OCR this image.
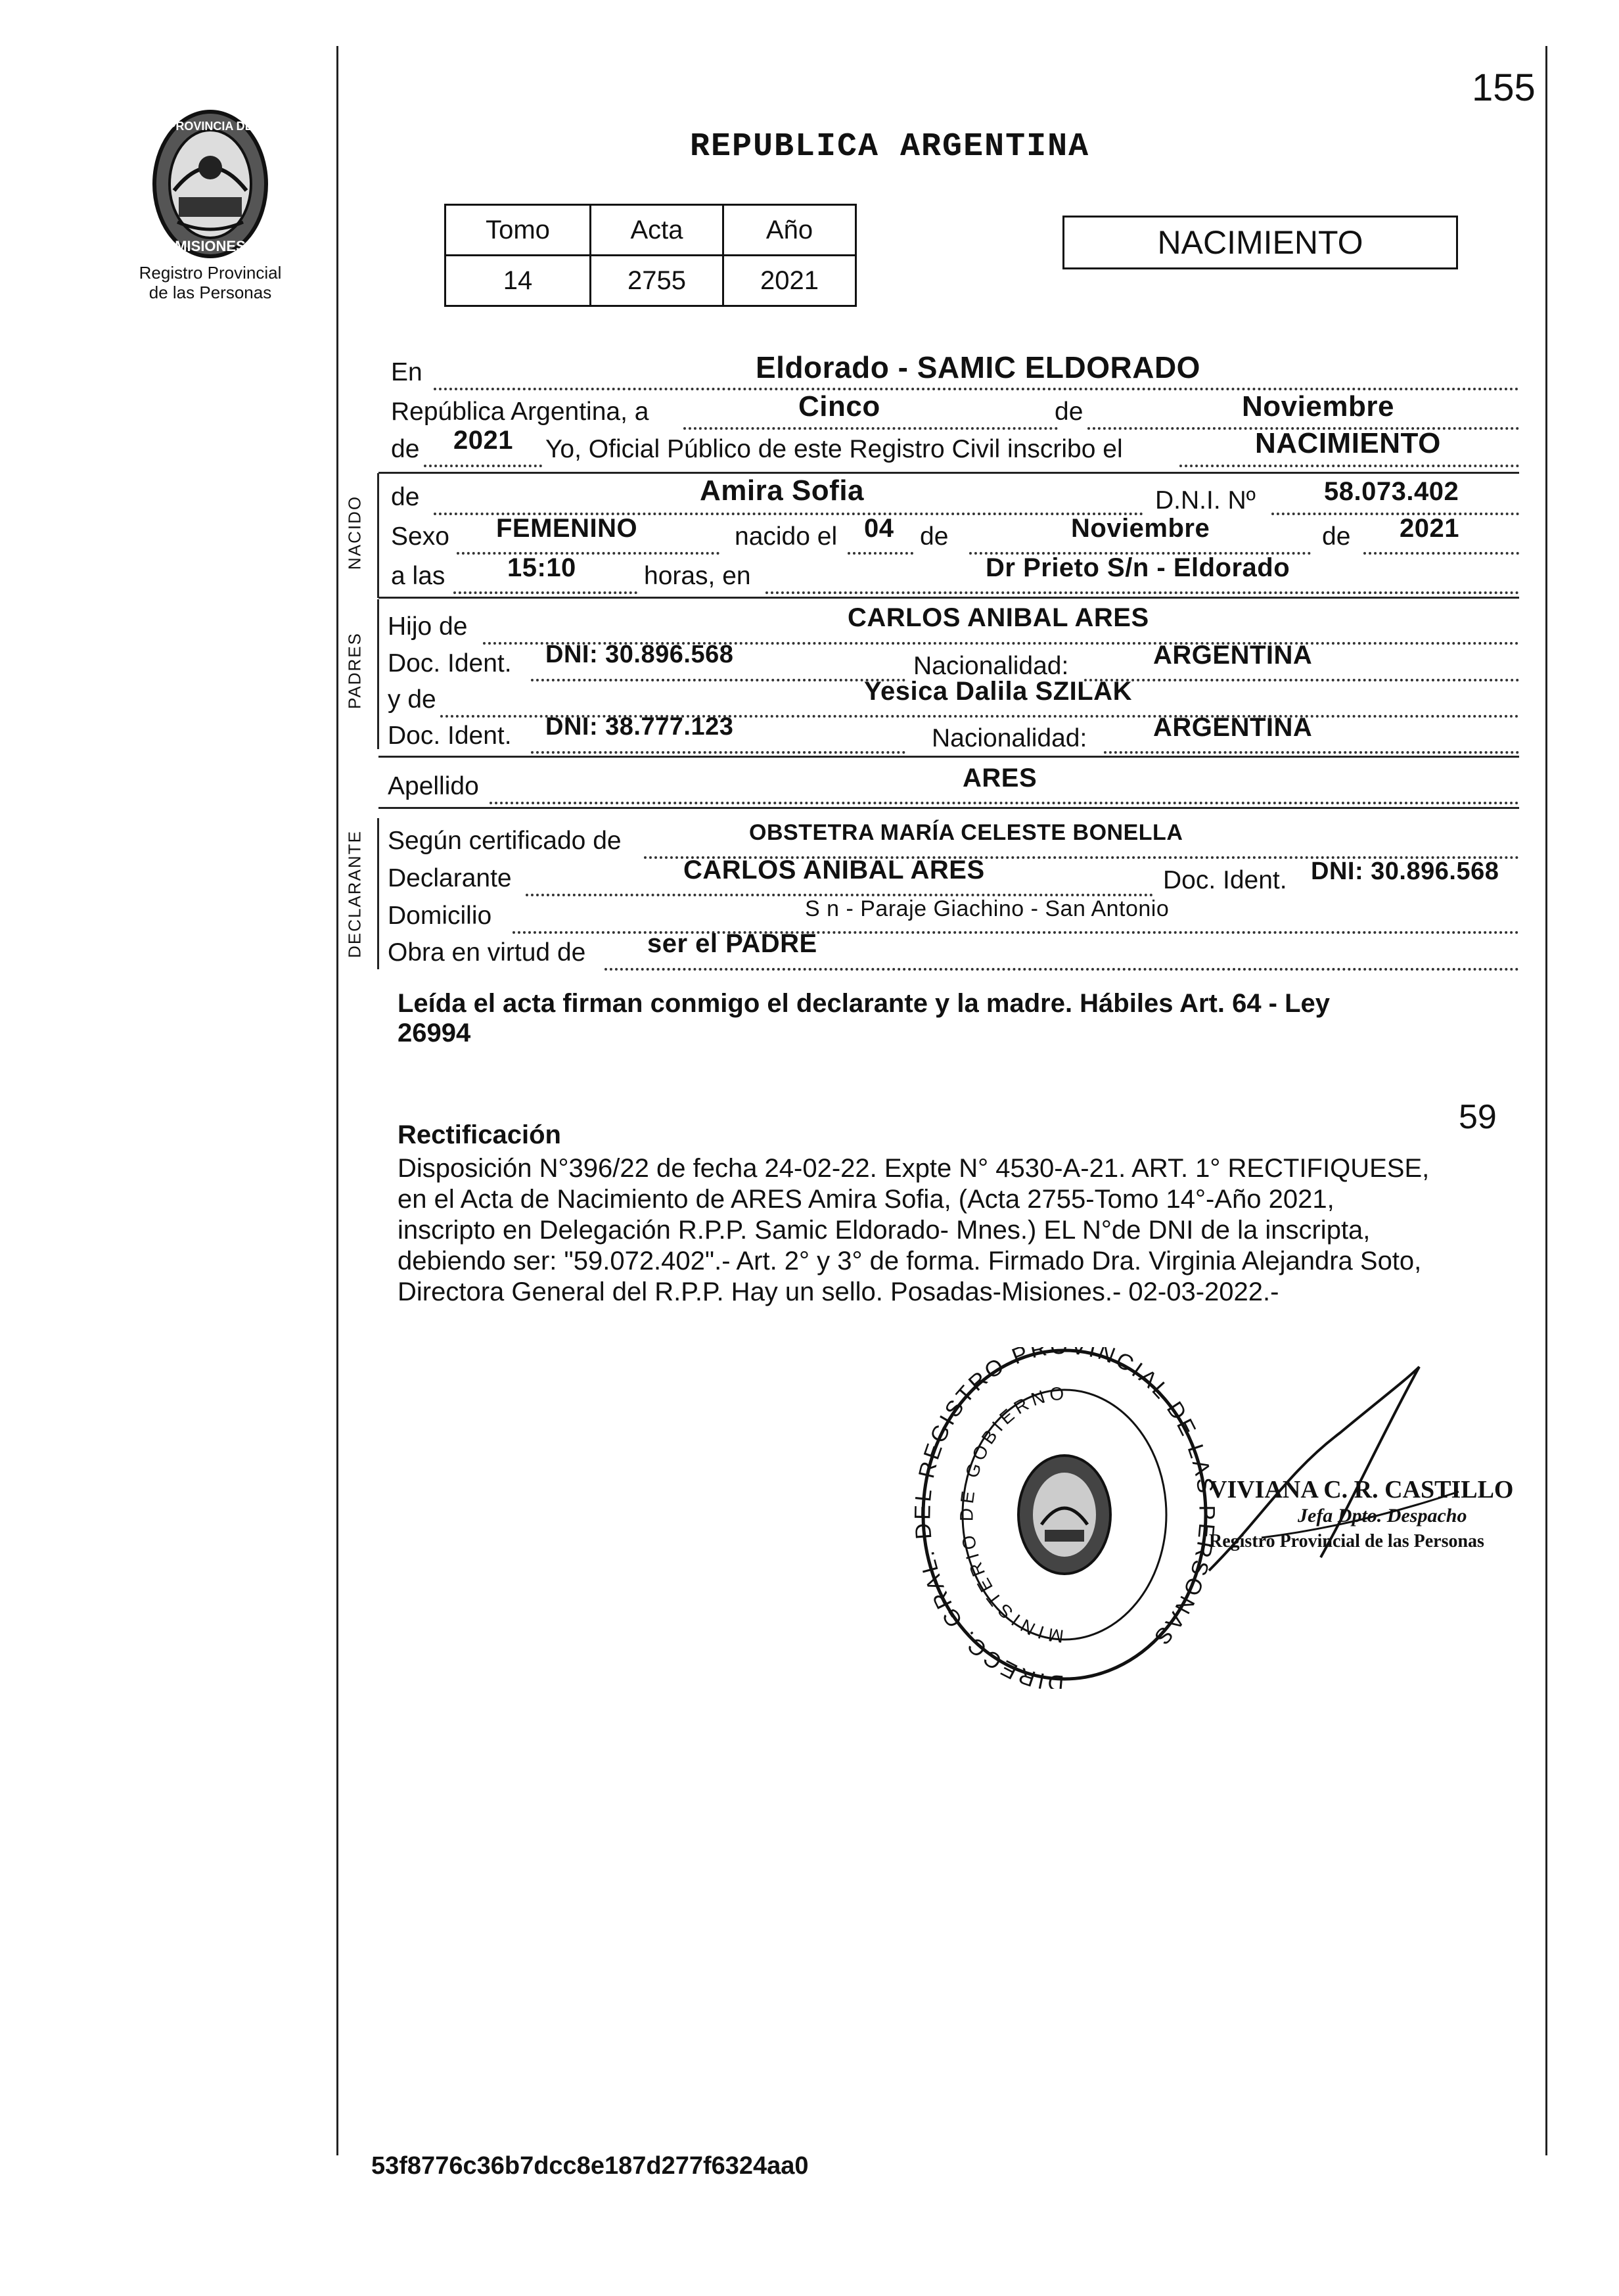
155
PROVINCIA DE
MISIONES
Registro Provincial
de las Personas
REPUBLICA ARGENTINA
Tomo	Acta	Año
14	2755	2021
NACIMIENTO
En	Eldorado - SAMIC ELDORADO
República Argentina, a	Cinco	de	Noviembre
de 2021 Yo, Oficial Público de este Registro Civil inscribo el	NACIMIENTO
NACIDO de	Amira Sofia	D.N.I. Nº	58.073.402
Sexo FEMENINO	nacido el 04 de	Noviembre	de 2021
a las 15:10	horas, en	Dr Prieto S/n - Eldorado
PADRES
Hijo de	CARLOS ANIBAL ARES
Doc. Ident. DNI: 30.896.568	Nacionalidad:	ARGENTINA
y de	Yesica Dalila SZILAK
Doc. Ident. DNI: 38.777.123	Nacionalidad:	ARGENTINA
Apellido	ARES
DECLARANTE Según certificado de	OBSTETRA MARÍA CELESTE BONELLA
Declarante	CARLOS ANIBAL ARES	Doc. Ident. DNI: 30.896.568
Domicilio	S n - Paraje Giachino - San Antonio
Obra en virtud de ser el PADRE
Leída el acta firman conmigo el declarante y la madre. Hábiles Art. 64 - Ley
26994
59
Rectificación
Disposición N°396/22 de fecha 24-02-22. Expte N° 4530-A-21. ART. 1° RECTIFIQUESE,
en el Acta de Nacimiento de ARES Amira Sofia, (Acta 2755-Tomo 14°-Año 2021,
inscripto en Delegación R.P.P. Samic Eldorado- Mnes.) EL N°de DNI de la inscripta,
debiendo ser: "59.072.402".- Art. 2° y 3° de forma. Firmado Dra. Virginia Alejandra Soto,
Directora General del R.P.P. Hay un sello. Posadas-Misiones.- 02-03-2022.-
DIRECC. GRAL. L REGISTRO PR VINCIAL DE LA RSONAS
MINISTERIO DE GOBIERNO
VIVIANA C. R. CASTILLO
Jefa Dpto. Despacho
Registro Provincial de las Personas
53f8776c36b7dcc8e187d277f6324aa0
